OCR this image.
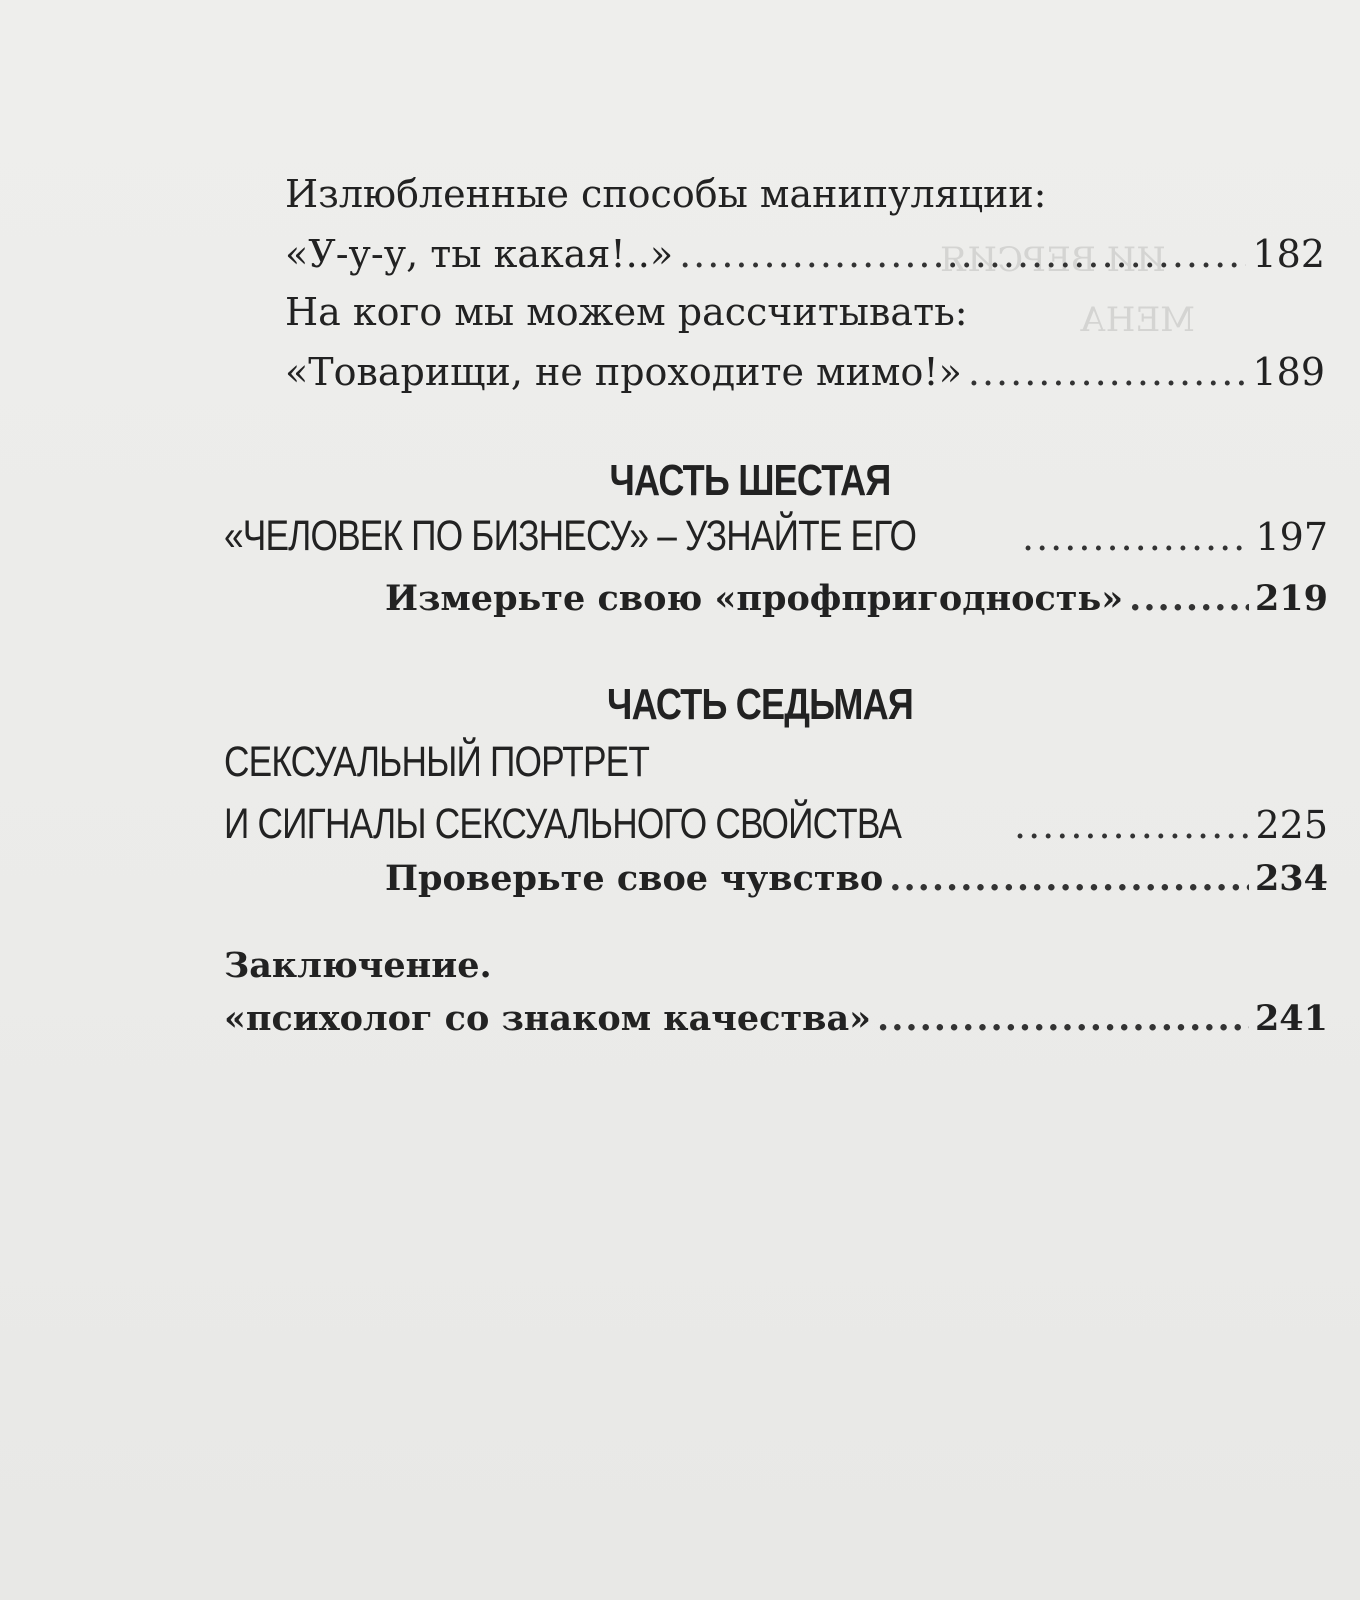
ИИ ВЕРСИЯ
МЕНА
Излюбленные способы манипуляции:
«У-у-у, ты какая!..» .....	182
На кого мы можем рассчитывать:
«Товарищи, не проходите мимо!» .....	189
ЧАСТЬ ШЕСТАЯ
«ЧЕЛОВЕК ПО БИЗНЕСУ» – УЗНАЙТЕ ЕГО .....	197
Измерьте свою «профпригодность» .....	219
ЧАСТЬ СЕДЬМАЯ
СЕКСУАЛЬНЫЙ ПОРТРЕТ
И СИГНАЛЫ СЕКСУАЛЬНОГО СВОЙСТВА .....	225
Проверьте свое чувство .....	234
Заключение.
«психолог со знаком качества» .....	241
